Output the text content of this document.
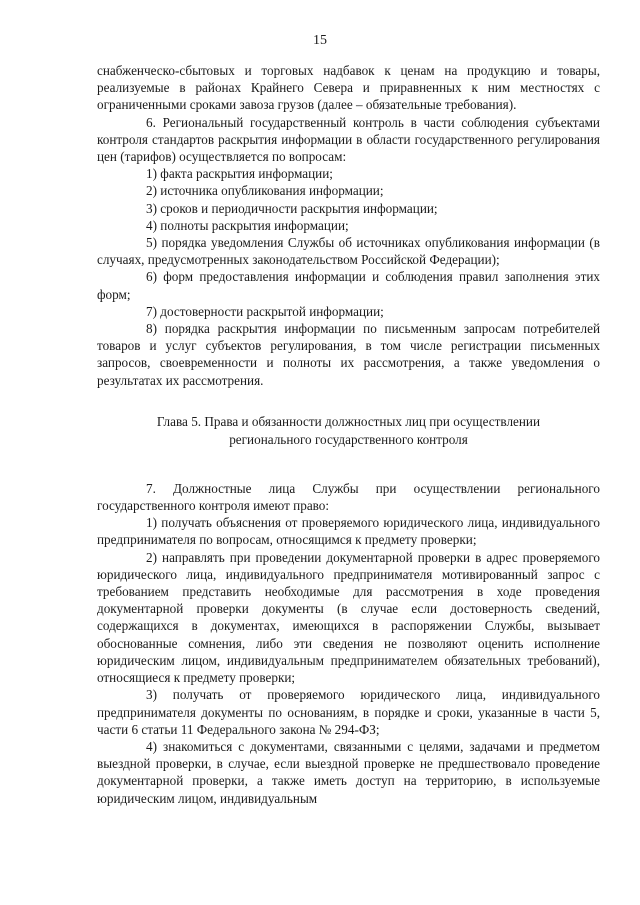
15

снабженческо-сбытовых и торговых надбавок к ценам на продукцию и товары, реализуемые в районах Крайнего Севера и приравненных к ним местностях с ограниченными сроками завоза грузов (далее – обязательные требования).

6. Региональный государственный контроль в части соблюдения субъектами контроля стандартов раскрытия информации в области государственного регулирования цен (тарифов) осуществляется по вопросам:

1) факта раскрытия информации;

2) источника опубликования информации;

3) сроков и периодичности раскрытия информации;

4) полноты раскрытия информации;

5) порядка уведомления Службы об источниках опубликования информации (в случаях, предусмотренных законодательством Российской Федерации);

6) форм предоставления информации и соблюдения правил заполнения этих форм;

7) достоверности раскрытой информации;

8) порядка раскрытия информации по письменным запросам потребителей товаров и услуг субъектов регулирования, в том числе регистрации письменных запросов, своевременности и полноты их рассмотрения, а также уведомления о результатах их рассмотрения.

Глава 5. Права и обязанности должностных лиц при осуществлении
регионального государственного контроля

7. Должностные лица Службы при осуществлении регионального государственного контроля имеют право:

1) получать объяснения от проверяемого юридического лица, индивидуального предпринимателя по вопросам, относящимся к предмету проверки;

2) направлять при проведении документарной проверки в адрес проверяемого юридического лица, индивидуального предпринимателя мотивированный запрос с требованием представить необходимые для рассмотрения в ходе проведения документарной проверки документы (в случае если достоверность сведений, содержащихся в документах, имеющихся в распоряжении Службы, вызывает обоснованные сомнения, либо эти сведения не позволяют оценить исполнение юридическим лицом, индивидуальным предпринимателем обязательных требований), относящиеся к предмету проверки;

3) получать от проверяемого юридического лица, индивидуального предпринимателя документы по основаниям, в порядке и сроки, указанные в части 5, части 6 статьи 11 Федерального закона № 294-ФЗ;

4) знакомиться с документами, связанными с целями, задачами и предметом выездной проверки, в случае, если выездной проверке не предшествовало проведение документарной проверки, а также иметь доступ на территорию, в используемые юридическим лицом, индивидуальным
